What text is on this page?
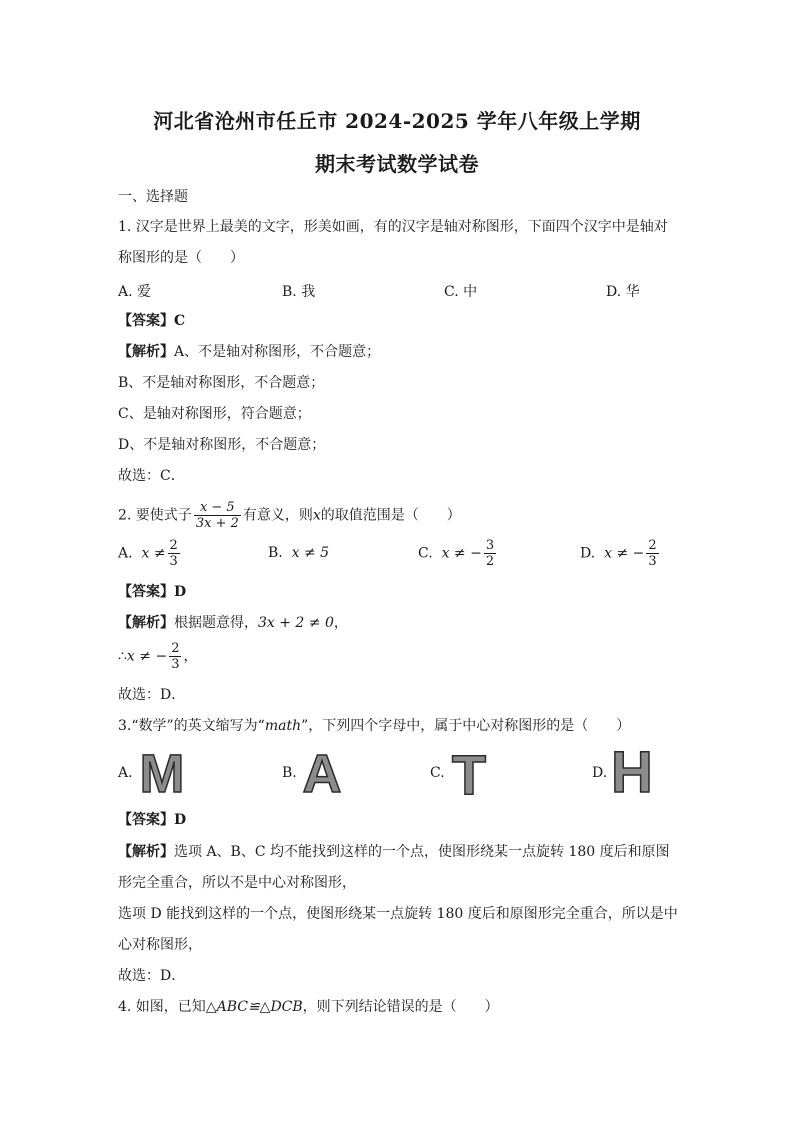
河北省沧州市任丘市 2024-2025 学年八年级上学期
期末考试数学试卷
一、选择题
1. 汉字是世界上最美的文字，形美如画，有的汉字是轴对称图形，下面四个汉字中是轴对
称图形的是（　　）
A. 爱	B. 我	C. 中	D. 华
【答案】C
【解析】A、不是轴对称图形，不合题意；
B、不是轴对称图形，不合题意；
C、是轴对称图形，符合题意；
D、不是轴对称图形，不合题意；
故选：C．
2. 要使式子 $\frac{x - 5}{3x + 2}$ 有意义，则x的取值范围是（　　）
A. $x \ne \frac{2}{3}$	B. x ≠ 5	C. x ≠ − $\frac{3}{2}$	D. x ≠ − $\frac{2}{3}$
【答案】D
【解析】根据题意得，3x + 2 ≠ 0，
∴x ≠ − $\frac{2}{3}$ ，
故选：D．
3.“数学”的英文缩写为“math”，下列四个字母中，属于中心对称图形的是（　　）
A. M	B. A	C. T	D. H
【答案】D
【解析】选项 A、B、C 均不能找到这样的一个点，使图形绕某一点旋转 180 度后和原图
形完全重合，所以不是中心对称图形，
选项 D 能找到这样的一个点，使图形绕某一点旋转 180 度后和原图形完全重合，所以是中
心对称图形，
故选：D．
4. 如图，已知△ABC≌△DCB，则下列结论错误的是（　　）
